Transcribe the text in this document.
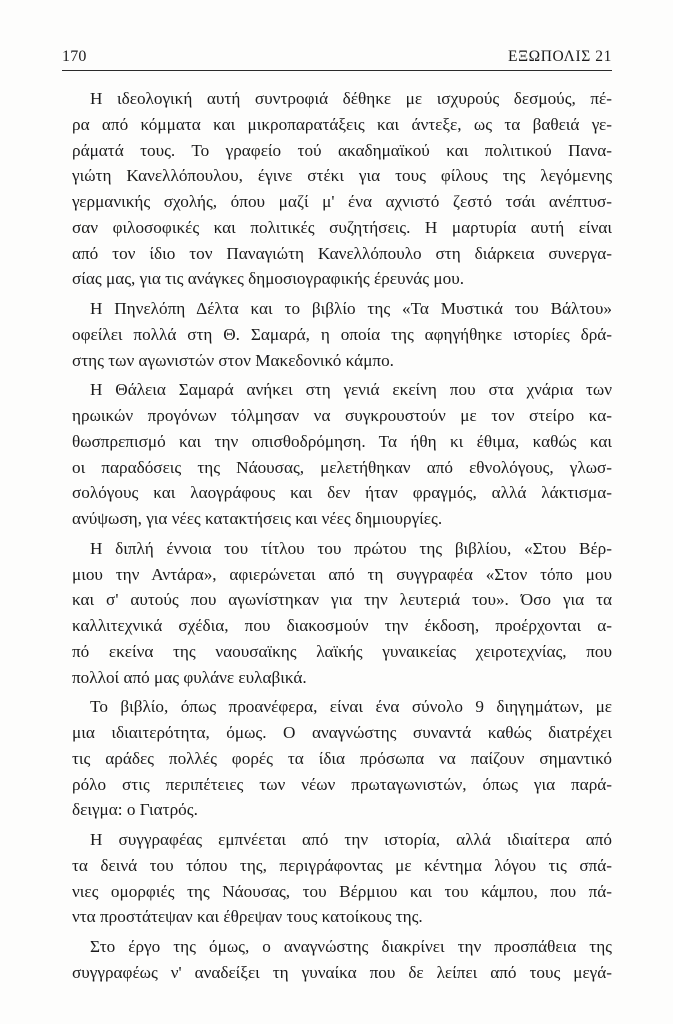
170	ΕΞΩΠΟΛΙΣ 21
Η ιδεολογική αυτή συντροφιά δέθηκε με ισχυρούς δεσμούς, πέ-
ρα από κόμματα και μικροπαρατάξεις και άντεξε, ως τα βαθειά γε-
ράματά τους. Το γραφείο τού ακαδημαϊκού και πολιτικού Πανα-
γιώτη Κανελλόπουλου, έγινε στέκι για τους φίλους της λεγόμενης
γερμανικής σχολής, όπου μαζί μ' ένα αχνιστό ζεστό τσάι ανέπτυσ-
σαν φιλοσοφικές και πολιτικές συζητήσεις. Η μαρτυρία αυτή είναι
από τον ίδιο τον Παναγιώτη Κανελλόπουλο στη διάρκεια συνεργα-
σίας μας, για τις ανάγκες δημοσιογραφικής έρευνάς μου.
Η Πηνελόπη Δέλτα και το βιβλίο της «Τα Μυστικά του Βάλτου»
οφείλει πολλά στη Θ. Σαμαρά, η οποία της αφηγήθηκε ιστορίες δρά-
στης των αγωνιστών στον Μακεδονικό κάμπο.
Η Θάλεια Σαμαρά ανήκει στη γενιά εκείνη που στα χνάρια των
ηρωικών προγόνων τόλμησαν να συγκρουστούν με τον στείρο κα-
θωσπρεπισμό και την οπισθοδρόμηση. Τα ήθη κι έθιμα, καθώς και
οι παραδόσεις της Νάουσας, μελετήθηκαν από εθνολόγους, γλωσ-
σολόγους και λαογράφους και δεν ήταν φραγμός, αλλά λάκτισμα-
ανύψωση, για νέες κατακτήσεις και νέες δημιουργίες.
Η διπλή έννοια του τίτλου του πρώτου της βιβλίου, «Στου Βέρ-
μιου την Αντάρα», αφιερώνεται από τη συγγραφέα «Στον τόπο μου
και σ' αυτούς που αγωνίστηκαν για την λευτεριά του». Όσο για τα
καλλιτεχνικά σχέδια, που διακοσμούν την έκδοση, προέρχονται α-
πό εκείνα της ναουσαϊκης λαϊκής γυναικείας χειροτεχνίας, που
πολλοί από μας φυλάνε ευλαβικά.
Το βιβλίο, όπως προανέφερα, είναι ένα σύνολο 9 διηγημάτων, με
μια ιδιαιτερότητα, όμως. Ο αναγνώστης συναντά καθώς διατρέχει
τις αράδες πολλές φορές τα ίδια πρόσωπα να παίζουν σημαντικό
ρόλο στις περιπέτειες των νέων πρωταγωνιστών, όπως για παρά-
δειγμα: ο Γιατρός.
Η συγγραφέας εμπνέεται από την ιστορία, αλλά ιδιαίτερα από
τα δεινά του τόπου της, περιγράφοντας με κέντημα λόγου τις σπά-
νιες ομορφιές της Νάουσας, του Βέρμιου και του κάμπου, που πά-
ντα προστάτεψαν και έθρεψαν τους κατοίκους της.
Στο έργο της όμως, ο αναγνώστης διακρίνει την προσπάθεια της
συγγραφέως ν' αναδείξει τη γυναίκα που δε λείπει από τους μεγά-
